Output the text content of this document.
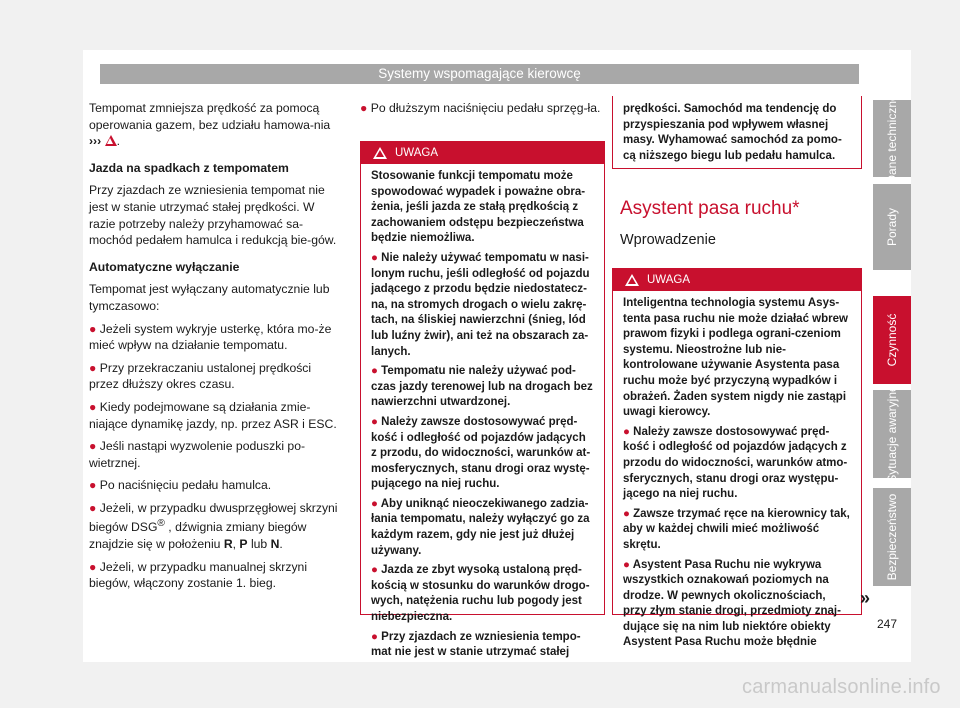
Systemy wspomagające kierowcę

Tempomat zmniejsza prędkość za pomocą operowania gazem, bez udziału hamowa-nia ››› .

Jazda na spadkach z tempomatem

Przy zjazdach ze wzniesienia tempomat nie jest w stanie utrzymać stałej prędkości. W razie potrzeby należy przyhamować sa-mochód pedałem hamulca i redukcją bie-gów.

Automatyczne wyłączanie

Tempomat jest wyłączany automatycznie lub tymczasowo:

● Jeżeli system wykryje usterkę, która mo-że mieć wpływ na działanie tempomatu.

● Przy przekraczaniu ustalonej prędkości przez dłuższy okres czasu.

● Kiedy podejmowane są działania zmie-niające dynamikę jazdy, np. przez ASR i ESC.

● Jeśli nastąpi wyzwolenie poduszki po-wietrznej.

● Po naciśnięciu pedału hamulca.

● Jeżeli, w przypadku dwusprzęgłowej skrzyni biegów DSG® , dźwignia zmiany biegów znajdzie się w położeniu R, P lub N.

● Jeżeli, w przypadku manualnej skrzyni biegów, włączony zostanie 1. bieg.

● Po dłuższym naciśnięciu pedału sprzęg-ła.

UWAGA

Stosowanie funkcji tempomatu może spowodować wypadek i poważne obra-żenia, jeśli jazda ze stałą prędkością z zachowaniem odstępu bezpieczeństwa będzie niemożliwa.

● Nie należy używać tempomatu w nasi-lonym ruchu, jeśli odległość od pojazdu jadącego z przodu będzie niedostatecz-na, na stromych drogach o wielu zakrę-tach, na śliskiej nawierzchni (śnieg, lód lub luźny żwir), ani też na obszarach za-lanych.

● Tempomatu nie należy używać pod-czas jazdy terenowej lub na drogach bez nawierzchni utwardzonej.

● Należy zawsze dostosowywać pręd-kość i odległość od pojazdów jadących z przodu, do widoczności, warunków at-mosferycznych, stanu drogi oraz wystę-pującego na niej ruchu.

● Aby uniknąć nieoczekiwanego zadzia-łania tempomatu, należy wyłączyć go za każdym razem, gdy nie jest już dłużej używany.

● Jazda ze zbyt wysoką ustaloną pręd-kością w stosunku do warunków drogo-wych, natężenia ruchu lub pogody jest niebezpieczna.

● Przy zjazdach ze wzniesienia tempo-mat nie jest w stanie utrzymać stałej

prędkości. Samochód ma tendencję do przyspieszania pod wpływem własnej masy. Wyhamować samochód za pomo-cą niższego biegu lub pedału hamulca.

Asystent pasa ruchu*
Wprowadzenie
UWAGA

Inteligentna technologia systemu Asys-tenta pasa ruchu nie może działać wbrew prawom fizyki i podlega ograni-czeniom systemu. Nieostrożne lub nie-kontrolowane używanie Asystenta pasa ruchu może być przyczyną wypadków i obrażeń. Żaden system nigdy nie zastąpi uwagi kierowcy.

● Należy zawsze dostosowywać pręd-kość i odległość od pojazdów jadących z przodu do widoczności, warunków atmo-sferycznych, stanu drogi oraz występu-jącego na niej ruchu.

● Zawsze trzymać ręce na kierownicy tak, aby w każdej chwili mieć możliwość skrętu.

● Asystent Pasa Ruchu nie wykrywa wszystkich oznakowań poziomych na drodze. W pewnych okolicznościach, przy złym stanie drogi, przedmioty znaj-dujące się na nim lub niektóre obiekty Asystent Pasa Ruchu może błędnie

»
Dane techniczne
Porady
Czynność
Sytuacje awaryjne
Bezpieczeństwo
247
carmanualsonline.info
